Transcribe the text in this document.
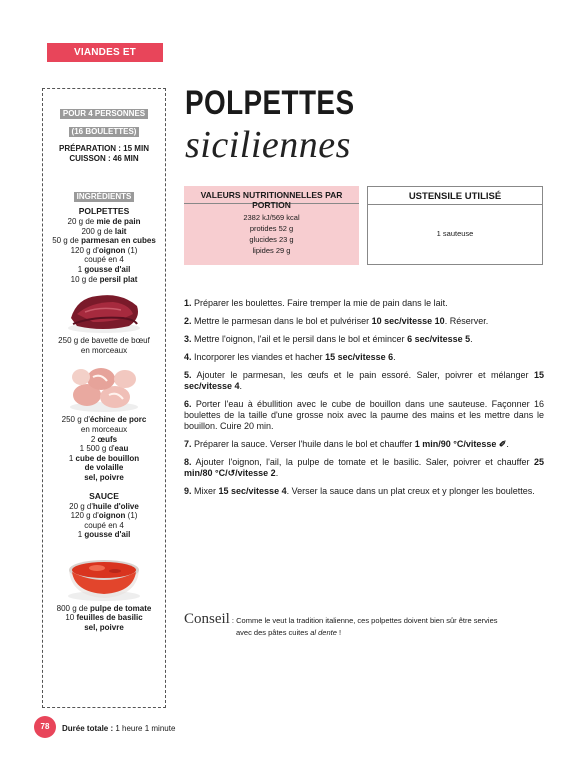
VIANDES ET VOLAILLES
POUR 4 PERSONNES
(16 BOULETTES)
PRÉPARATION : 15 MIN
CUISSON : 46 MIN
INGRÉDIENTS
POLPETTES
20 g de mie de pain
200 g de lait
50 g de parmesan en cubes
120 g d'oignon (1)
coupé en 4
1 gousse d'ail
10 g de persil plat
250 g de bavette de bœuf
en morceaux
250 g d'échine de porc
en morceaux
2 œufs
1 500 g d'eau
1 cube de bouillon
de volaille
sel, poivre
SAUCE
20 g d'huile d'olive
120 g d'oignon (1)
coupé en 4
1 gousse d'ail
800 g de pulpe de tomate
10 feuilles de basilic
sel, poivre
POLPETTES
siciliennes
VALEURS NUTRITIONNELLES PAR PORTION
2382 kJ/569 kcal
protides 52 g
glucides 23 g
lipides 29 g
USTENSILE UTILISÉ
1 sauteuse
1. Préparer les boulettes. Faire tremper la mie de pain dans le lait.
2. Mettre le parmesan dans le bol et pulvériser 10 sec/vitesse 10. Réserver.
3. Mettre l'oignon, l'ail et le persil dans le bol et émincer 6 sec/vitesse 5.
4. Incorporer les viandes et hacher 15 sec/vitesse 6.
5. Ajouter le parmesan, les œufs et le pain essoré. Saler, poivrer et mélanger 15 sec/vitesse 4.
6. Porter l'eau à ébullition avec le cube de bouillon dans une sauteuse. Façonner 16 boulettes de la taille d'une grosse noix avec la paume des mains et les mettre dans le bouillon. Cuire 20 min.
7. Préparer la sauce. Verser l'huile dans le bol et chauffer 1 min/90 °C/vitesse ✐.
8. Ajouter l'oignon, l'ail, la pulpe de tomate et le basilic. Saler, poivrer et chauffer 25 min/80 °C/↺/vitesse 2.
9. Mixer 15 sec/vitesse 4. Verser la sauce dans un plat creux et y plonger les boulettes.
Conseil : Comme le veut la tradition italienne, ces polpettes doivent bien sûr être servies
avec des pâtes cuites al dente !
78	Durée totale : 1 heure 1 minute
